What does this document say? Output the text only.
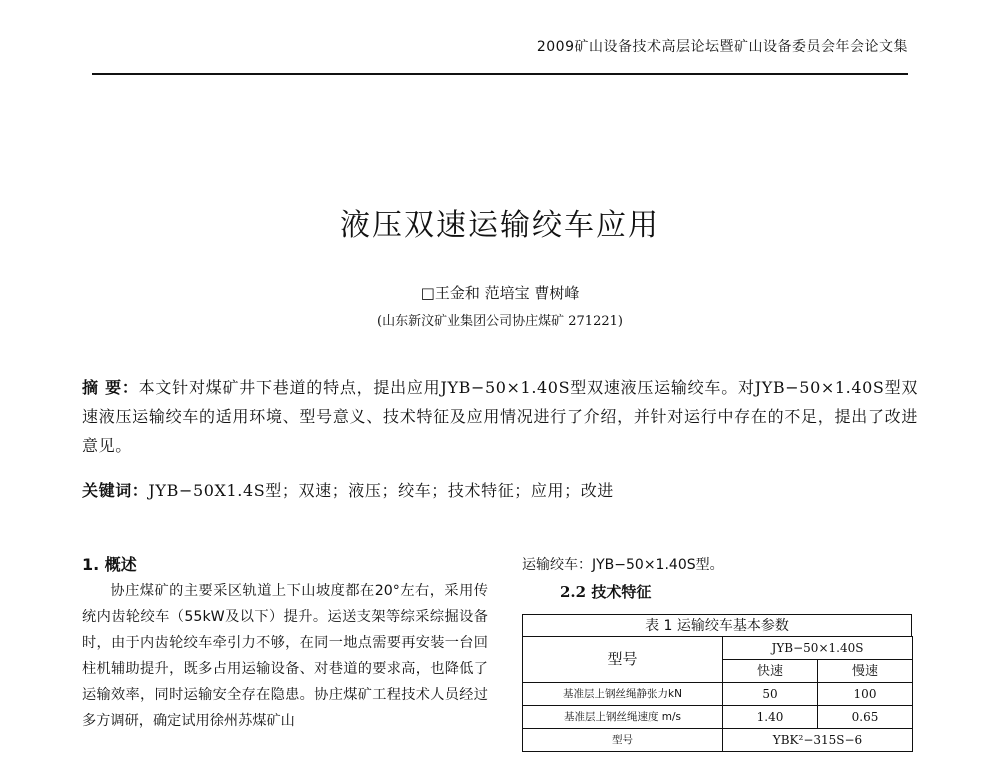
2009矿山设备技术高层论坛暨矿山设备委员会年会论文集
液压双速运输绞车应用
□王金和 范培宝 曹树峰
(山东新汶矿业集团公司协庄煤矿 271221)
摘 要：本文针对煤矿井下巷道的特点，提出应用JYB−50×1.40S型双速液压运输绞车。对JYB−50×1.40S型双速液压运输绞车的适用环境、型号意义、技术特征及应用情况进行了介绍，并针对运行中存在的不足，提出了改进意见。
关键词：JYB−50X1.4S型；双速；液压；绞车；技术特征；应用；改进
1. 概述
协庄煤矿的主要采区轨道上下山坡度都在20°左右，采用传统内齿轮绞车（55kW及以下）提升。运送支架等综采综掘设备时，由于内齿轮绞车牵引力不够，在同一地点需要再安装一台回柱机辅助提升，既多占用运输设备、对巷道的要求高，也降低了运输效率，同时运输安全存在隐患。协庄煤矿工程技术人员经过多方调研，确定试用徐州苏煤矿山
运输绞车：JYB−50×1.40S型。
2.2 技术特征
表 1 运输绞车基本参数
型号	JYB−50×1.40S	
	快速	慢速
基准层上钢丝绳静张力kN	50	100
基准层上钢丝绳速度 m/s	1.40	0.65
型号	YBK²−315S−6	
